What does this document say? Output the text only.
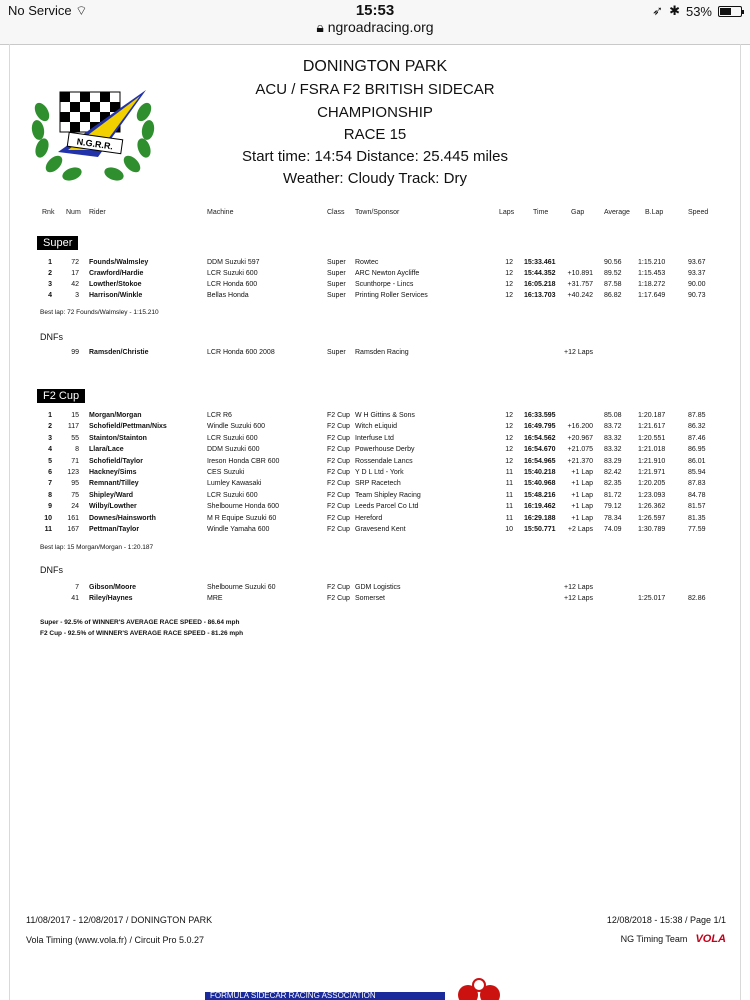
No Service ⌔	15:53	➶ ✱ 53%
🔒︎ ngroadracing.org
N.G.R.R.
DONINGTON PARK
ACU / FSRA F2 BRITISH SIDECAR
CHAMPIONSHIP
RACE 15
Start time: 14:54 Distance: 25.445 miles
Weather: Cloudy Track: Dry
Rnk Num Rider	Machine	Class Town/Sponsor	Laps	Time	Gap	Average B.Lap	Speed
Super
1	72 Founds/Walmsley	DDM Suzuki 597	Super Rowtec	12 15:33.461	90.56 1:15.210	93.67
2	17 Crawford/Hardie	LCR Suzuki 600	Super ARC Newton Aycliffe	12 15:44.352	+10.891 89.52 1:15.453	93.37
3	42 Lowther/Stokoe	LCR Honda 600	Super Scunthorpe - Lincs	12 16:05.218	+31.757 87.58 1:18.272	90.00
4	3 Harrison/Winkle	Bellas Honda	Super Printing Roller Services	12 16:13.703	+40.242 86.82 1:17.649	90.73
Best lap: 72 Founds/Walmsley - 1:15.210
DNFs
99 Ramsden/Christie	LCR Honda 600 2008	Super Ramsden Racing	+12 Laps
F2 Cup
1	15 Morgan/Morgan	LCR R6	F2 Cup W H Gittins & Sons	12 16:33.595	85.08 1:20.187	87.85
2	117 Schofield/Pettman/Nixs	Windle Suzuki 600	F2 Cup Witch eLiquid	12 16:49.795	+16.200 83.72 1:21.617	86.32
3	55 Stainton/Stainton	LCR Suzuki 600	F2 Cup Interfuse Ltd	12 16:54.562	+20.967 83.32 1:20.551	87.46
4	8 Llara/Lace	DDM Suzuki 600	F2 Cup Powerhouse Derby	12 16:54.670	+21.075 83.32 1:21.018	86.95
5	71 Schofield/Taylor	Ireson Honda CBR 600	F2 Cup Rossendale Lancs	12 16:54.965	+21.370 83.29 1:21.910	86.01
6	123 Hackney/Sims	CES Suzuki	F2 Cup Y D L Ltd - York	11 15:40.218	+1 Lap 82.42 1:21.971	85.94
7	95 Remnant/Tilley	Lumley Kawasaki	F2 Cup SRP Racetech	11 15:40.968	+1 Lap 82.35 1:20.205	87.83
8	75 Shipley/Ward	LCR Suzuki 600	F2 Cup Team Shipley Racing	11 15:48.216	+1 Lap 81.72 1:23.093	84.78
9	24 Wilby/Lowther	Shelbourne Honda 600	F2 Cup Leeds Parcel Co Ltd	11 16:19.462	+1 Lap 79.12 1:26.362	81.57
10	161 Downes/Hainsworth	M R Equipe Suzuki 60	F2 Cup Hereford	11 16:29.188	+1 Lap 78.34 1:26.597	81.35
11	167 Pettman/Taylor	Windle Yamaha 600	F2 Cup Gravesend Kent	10 15:50.771	+2 Laps 74.09 1:30.789	77.59
Best lap: 15 Morgan/Morgan - 1:20.187
DNFs
7 Gibson/Moore	Shelbourne Suzuki 60	F2 Cup GDM Logistics	+12 Laps
41 Riley/Haynes	MRE	F2 Cup Somerset	+12 Laps	1:25.017	82.86
Super - 92.5% of WINNER'S AVERAGE RACE SPEED - 86.64 mph
F2 Cup - 92.5% of WINNER'S AVERAGE RACE SPEED - 81.26 mph
11/08/2017 - 12/08/2017 / DONINGTON PARK	12/08/2018 - 15:38 / Page 1/1
Vola Timing (www.vola.fr) / Circuit Pro 5.0.27	NG Timing Team VOLA
FORMULA SIDECAR RACING ASSOCIATION
